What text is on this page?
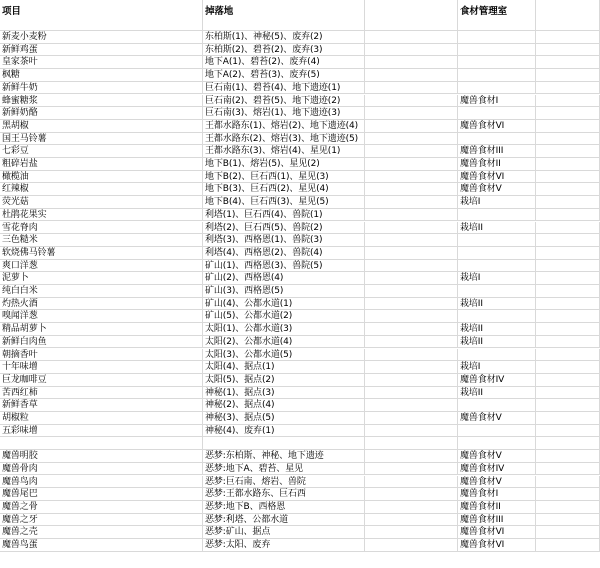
项目	掉落地	食材管理室
新麦小麦粉	东柏斯(1)、神秘(5)、废弃(2)
新鲜鸡蛋	东柏斯(2)、碧苔(2)、废弃(3)
皇家茶叶	地下A(1)、碧苔(2)、废弃(4)
枫糖	地下A(2)、碧苔(3)、废弃(5)
新鲜牛奶	巨石南(1)、碧苔(4)、地下遗迹(1)
蜂蜜糖浆	巨石南(2)、碧苔(5)、地下遗迹(2)	魔兽食材I
新鲜奶酪	巨石南(3)、熔岩(1)、地下遗迹(3)
黑胡椒	王都水路东(1)、熔岩(2)、地下遗迹(4)	魔兽食材VI
国王马铃薯	王都水路东(2)、熔岩(3)、地下遗迹(5)
七彩豆	王都水路东(3)、熔岩(4)、星见(1)	魔兽食材III
粗碎岩盐	地下B(1)、熔岩(5)、星见(2)	魔兽食材II
橄榄油	地下B(2)、巨石西(1)、星见(3)	魔兽食材VI
红辣椒	地下B(3)、巨石西(2)、星见(4)	魔兽食材V
荧光菇	地下B(4)、巨石西(3)、星见(5)	栽培I
杜鹃花果实	利塔(1)、巨石西(4)、兽院(1)
雪花脊肉	利塔(2)、巨石西(5)、兽院(2)	栽培II
三色糙米	利塔(3)、西格恩(1)、兽院(3)
软烧佛马铃薯	利塔(4)、西格恩(2)、兽院(4)
爽口洋葱	矿山(1)、西格恩(3)、兽院(5)
泥萝卜	矿山(2)、西格恩(4)	栽培I
纯白白米	矿山(3)、西格恩(5)
灼热火酒	矿山(4)、公都水道(1)	栽培II
嗅闻洋葱	矿山(5)、公都水道(2)
精品胡萝卜	太阳(1)、公都水道(3)	栽培II
新鲜白肉鱼	太阳(2)、公都水道(4)	栽培II
朝摘香叶	太阳(3)、公都水道(5)
十年味增	太阳(4)、据点(1)	栽培I
巨龙咖啡豆	太阳(5)、据点(2)	魔兽食材IV
苦西红柿	神秘(1)、据点(3)	栽培II
新鲜香草	神秘(2)、据点(4)
胡椒粒	神秘(3)、据点(5)	魔兽食材V
五彩味增	神秘(4)、废弃(1)
魔兽明胶	恶梦:东柏斯、神秘、地下遗迹	魔兽食材V
魔兽骨肉	恶梦:地下A、碧苔、星见	魔兽食材IV
魔兽鸟肉	恶梦:巨石南、熔岩、兽院	魔兽食材V
魔兽尾巴	恶梦:王都水路东、巨石西	魔兽食材I
魔兽之骨	恶梦:地下B、西格恩	魔兽食材II
魔兽之牙	恶梦:利塔、公都水道	魔兽食材III
魔兽之壳	恶梦:矿山、据点	魔兽食材VI
魔兽鸟蛋	恶梦:太阳、废弃	魔兽食材VI
